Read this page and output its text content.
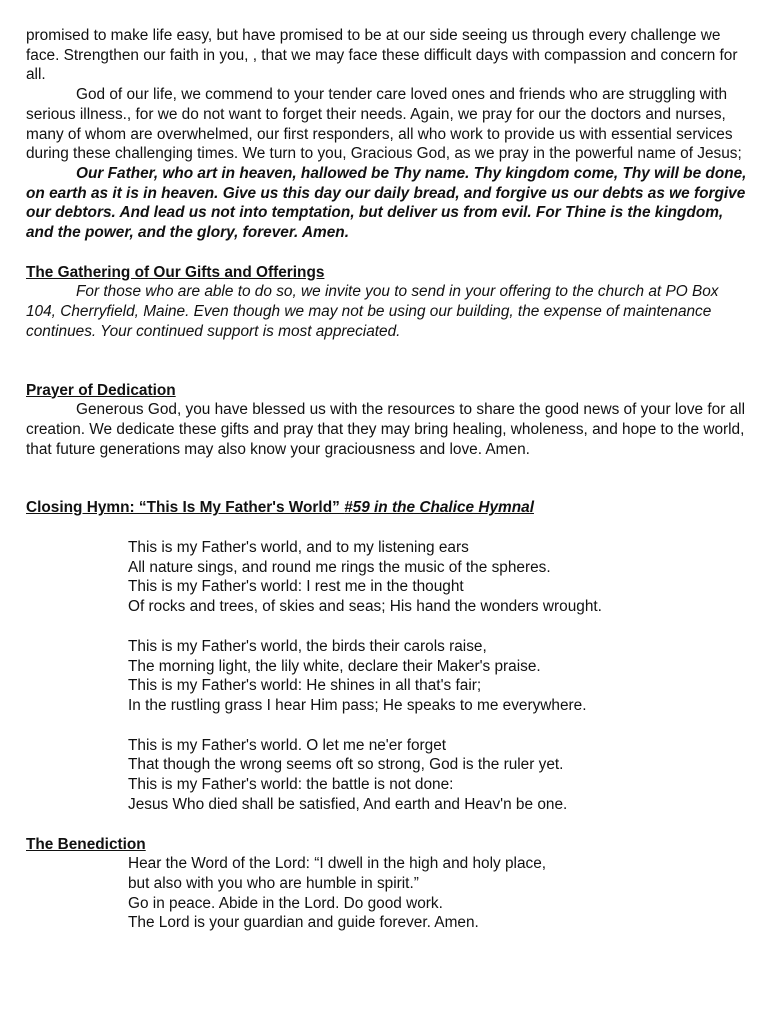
promised to make life easy, but have promised to be at our side seeing us through every challenge we face. Strengthen our faith in you, , that we may face these difficult days with compassion and concern for all.

God of our life, we commend to your tender care loved ones and friends who are struggling with serious illness., for we do not want to forget their needs. Again, we pray for our the doctors and nurses, many of whom are overwhelmed, our first responders, all who work to provide us with essential services during these challenging times. We turn to you, Gracious God, as we pray in the powerful name of Jesus;

Our Father, who art in heaven, hallowed be Thy name. Thy kingdom come, Thy will be done, on earth as it is in heaven. Give us this day our daily bread, and forgive us our debts as we forgive our debtors. And lead us not into temptation, but deliver us from evil. For Thine is the kingdom, and the power, and the glory, forever. Amen.

The Gathering of Our Gifts and Offerings

For those who are able to do so, we invite you to send in your offering to the church at PO Box 104, Cherryfield, Maine. Even though we may not be using our building, the expense of maintenance continues. Your continued support is most appreciated.

Prayer of Dedication

Generous God, you have blessed us with the resources to share the good news of your love for all creation. We dedicate these gifts and pray that they may bring healing, wholeness, and hope to the world, that future generations may also know your graciousness and love. Amen.

Closing Hymn: “This Is My Father's World” #59 in the Chalice Hymnal

This is my Father's world, and to my listening ears
All nature sings, and round me rings the music of the spheres.
This is my Father's world: I rest me in the thought
Of rocks and trees, of skies and seas; His hand the wonders wrought.
This is my Father's world, the birds their carols raise,
The morning light, the lily white, declare their Maker's praise.
This is my Father's world: He shines in all that's fair;
In the rustling grass I hear Him pass; He speaks to me everywhere.
This is my Father's world. O let me ne'er forget
That though the wrong seems oft so strong, God is the ruler yet.
This is my Father's world: the battle is not done:
Jesus Who died shall be satisfied, And earth and Heav'n be one.

The Benediction

Hear the Word of the Lord: “I dwell in the high and holy place,
but also with you who are humble in spirit.”
Go in peace. Abide in the Lord. Do good work.
The Lord is your guardian and guide forever. Amen.
